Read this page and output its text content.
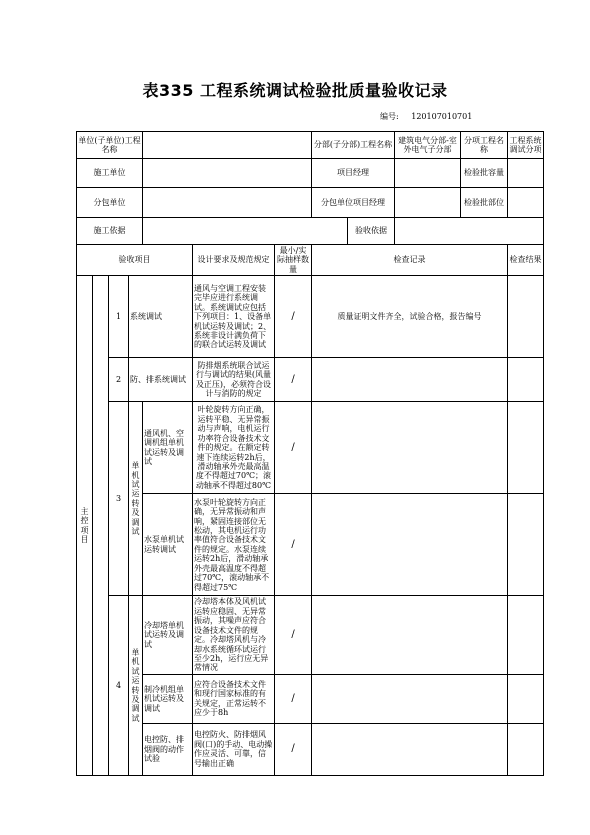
表335 工程系统调试检验批质量验收记录
编号: 120107010701
单位(子单位)工程名称							分部(子分部)工程名称		建筑电气分部-室外电气子分部	分项工程名称	工程系统调试分项
施工单位							项目经理			检验批容量	
分包单位							分包单位项目经理			检验批部位	
施工依据								验收依据			
验收项目					设计要求及规范规定	最小/实际抽样数量	检查记录				检查结果

主控项目		1	系统调试		通风与空调工程安装完毕应进行系统调试。系统调试应包括下列项目：1、设备单机试运转及调试；2、系统非设计满负荷下的联合试运转及调试	/	质量证明文件齐全，试验合格，报告编号				
		2	防、排系统调试		防排烟系统联合试运行与调试的结果(风量及正压)，必须符合设计与消防的规定	/					
		3	单机试运转及调试	通风机、空调机组单机试运转及调试	叶轮旋转方向正确，运转平稳、无异常振动与声响，电机运行功率符合设备技术文件的规定。在额定转速下连续运转2h后，滑动轴承外壳最高温度不得超过70℃；滚动轴承不得超过80℃	/					
				水泵单机试运转调试	水泵叶轮旋转方向正确，无异常振动和声响，紧固连接部位无松动，其电机运行功率值符合设备技术文件的规定。水泵连续运转2h后，滑动轴承外壳最高温度不得超过70℃，滚动轴承不得超过75℃	/					
		4	单机试运转及调试	冷却塔单机试运转及调试	冷却塔本体及风机试运转应稳固、无异常振动，其噪声应符合设备技术文件的规定。冷却塔风机与冷却水系统循环试运行至少2h，运行应无异常情况	/					
				制冷机组单机试运转及调试	应符合设备技术文件和现行国家标准的有关规定，正常运转不应少于8h	/					
				电控防、排烟阀的动作试验	电控防火、防排烟风阀(口)的手动、电动操作应灵活、可靠，信号输出正确	/					
